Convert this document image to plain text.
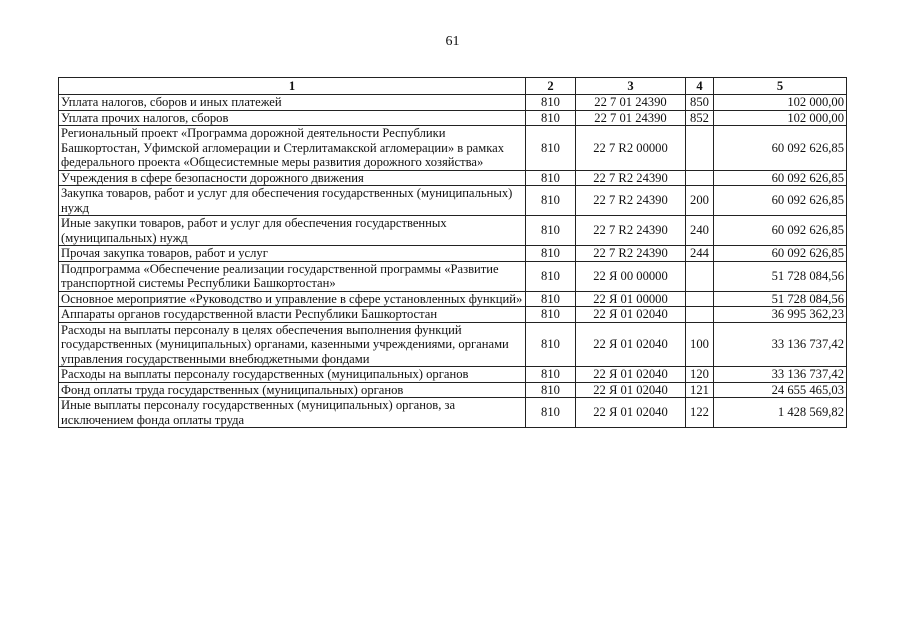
61
1	2	3	4	5
Уплата налогов, сборов и иных платежей	810	22 7 01 24390	850	102 000,00
Уплата прочих налогов, сборов	810	22 7 01 24390	852	102 000,00
Региональный проект «Программа дорожной деятельности Республики Башкортостан, Уфимской агломерации и Стерлитамакской агломерации» в рамках федерального проекта «Общесистемные меры развития дорожного хозяйства»	810	22 7 R2 00000		60 092 626,85
Учреждения в сфере безопасности дорожного движения	810	22 7 R2 24390		60 092 626,85
Закупка товаров, работ и услуг для обеспечения государственных (муниципальных) нужд	810	22 7 R2 24390	200	60 092 626,85
Иные закупки товаров, работ и услуг для обеспечения государственных (муниципальных) нужд	810	22 7 R2 24390	240	60 092 626,85
Прочая закупка товаров, работ и услуг	810	22 7 R2 24390	244	60 092 626,85
Подпрограмма «Обеспечение реализации государственной программы «Развитие транспортной системы Республики Башкортостан»	810	22 Я 00 00000		51 728 084,56
Основное мероприятие «Руководство и управление в сфере установленных функций»	810	22 Я 01 00000		51 728 084,56
Аппараты органов государственной власти Республики Башкортостан	810	22 Я 01 02040		36 995 362,23
Расходы на выплаты персоналу в целях обеспечения выполнения функций государственных (муниципальных) органами, казенными учреждениями, органами управления государственными внебюджетными фондами	810	22 Я 01 02040	100	33 136 737,42
Расходы на выплаты персоналу государственных (муниципальных) органов	810	22 Я 01 02040	120	33 136 737,42
Фонд оплаты труда государственных (муниципальных) органов	810	22 Я 01 02040	121	24 655 465,03
Иные выплаты персоналу государственных (муниципальных) органов, за исключением фонда оплаты труда	810	22 Я 01 02040	122	1 428 569,82
